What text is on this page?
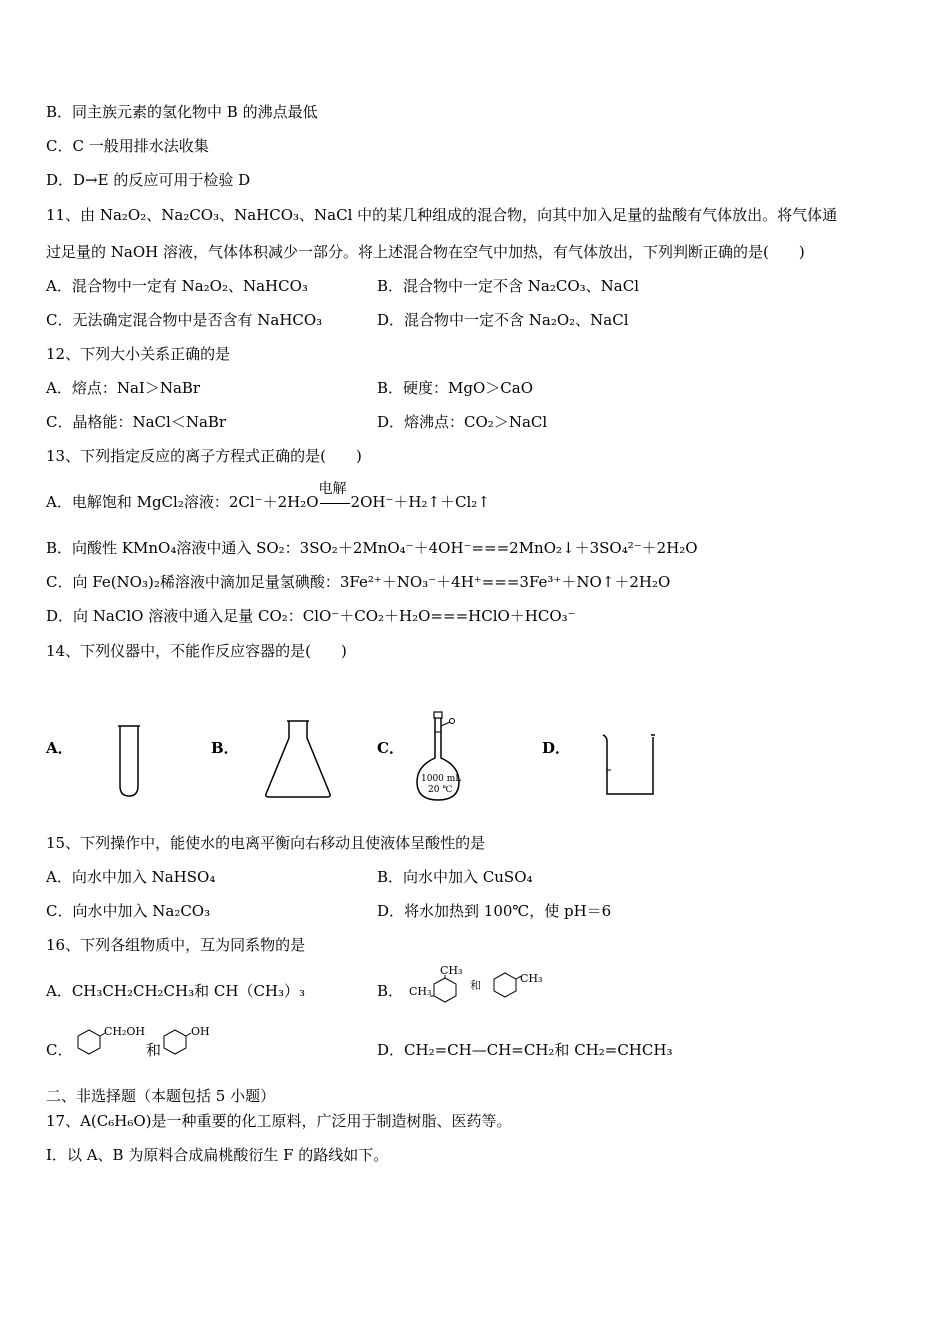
B．同主族元素的氢化物中 B 的沸点最低
C．C 一般用排水法收集
D．D→E 的反应可用于检验 D
11、由 Na₂O₂、Na₂CO₃、NaHCO₃、NaCl 中的某几种组成的混合物，向其中加入足量的盐酸有气体放出。将气体通
过足量的 NaOH 溶液，气体体积减少一部分。将上述混合物在空气中加热，有气体放出，下列判断正确的是(　　)
A．混合物中一定有 Na₂O₂、NaHCO₃	B．混合物中一定不含 Na₂CO₃、NaCl
C．无法确定混合物中是否含有 NaHCO₃	D．混合物中一定不含 Na₂O₂、NaCl
12、下列大小关系正确的是
A．熔点：NaI＞NaBr	B．硬度：MgO＞CaO
C．晶格能：NaCl＜NaBr	D．熔沸点：CO₂＞NaCl
13、下列指定反应的离子方程式正确的是(　　)
A．电解饱和 MgCl₂溶液：2Cl⁻＋2H₂O
电解
2OH⁻＋H₂↑＋Cl₂↑
B．向酸性 KMnO₄溶液中通入 SO₂：3SO₂＋2MnO₄⁻＋4OH⁻===2MnO₂↓＋3SO₄²⁻＋2H₂O
C．向 Fe(NO₃)₂稀溶液中滴加足量氢碘酸：3Fe²⁺＋NO₃⁻＋4H⁺===3Fe³⁺＋NO↑＋2H₂O
D．向 NaClO 溶液中通入足量 CO₂：ClO⁻＋CO₂＋H₂O===HClO＋HCO₃⁻
14、下列仪器中，不能作反应容器的是(　　)
A．	B．	C．
1000 mL
20 ℃
D．
15、下列操作中，能使水的电离平衡向右移动且使液体呈酸性的是
A．向水中加入 NaHSO₄	B．向水中加入 CuSO₄
C．向水中加入 Na₂CO₃	D．将水加热到 100℃，使 pH＝6
16、下列各组物质中，互为同系物的是
A．CH₃CH₂CH₂CH₃和 CH（CH₃）₃	B． CH₃
CH₃
和
CH₃
C．
CH₂OH
和
OH
D．CH₂=CH—CH=CH₂和 CH₂=CHCH₃
二、非选择题（本题包括 5 小题）
17、A(C₆H₆O)是一种重要的化工原料，广泛用于制造树脂、医药等。
Ⅰ．以 A、B 为原料合成扁桃酸衍生 F 的路线如下。
